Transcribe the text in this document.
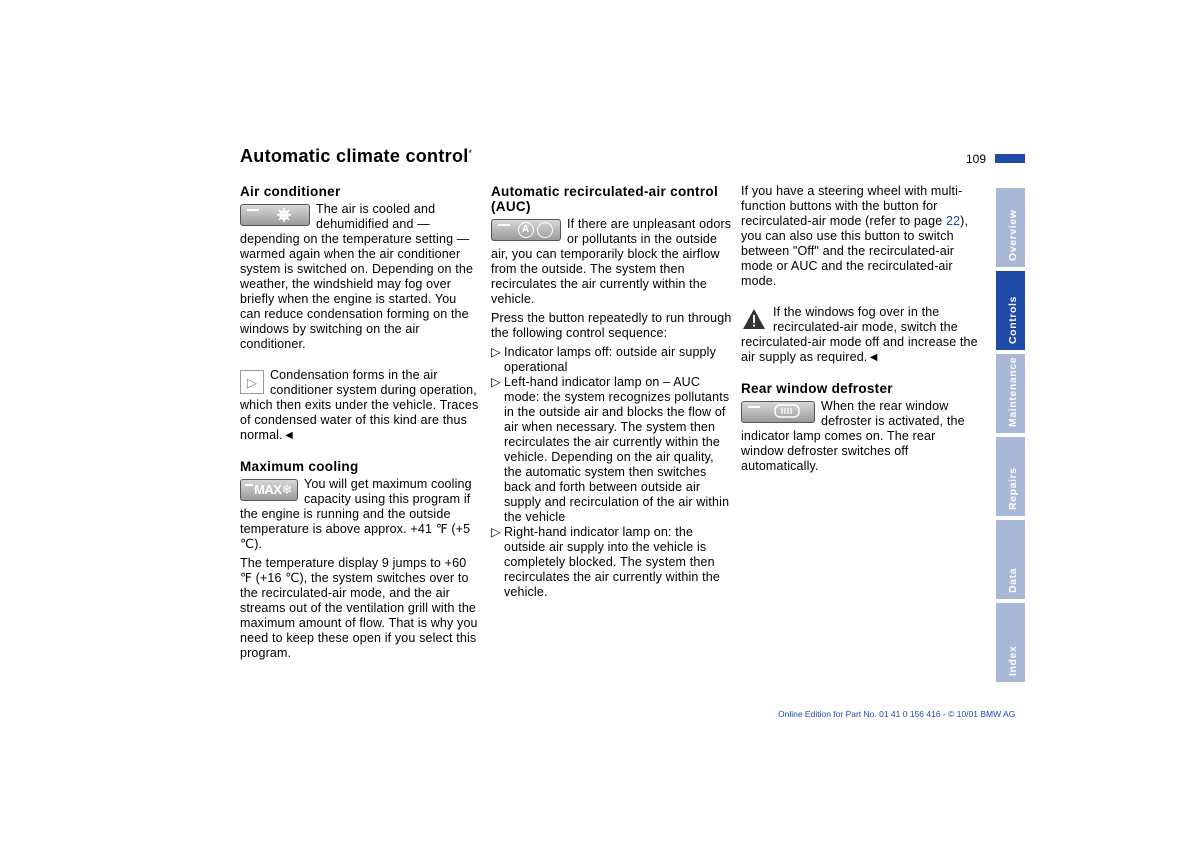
Automatic climate control*	109
Air conditioner

The air is cooled and dehumidified and — depending on the temperature setting — warmed again when the air conditioner system is switched on. Depending on the weather, the windshield may fog over briefly when the engine is started. You can reduce condensation forming on the windows by switching on the air conditioner.

▷	Condensation forms in the air conditioner system during operation, which then exits under the vehicle. Traces of condensed water of this kind are thus normal.◄

Maximum cooling
MAX❄ You will get maximum cooling capacity using this program if the engine is running and the outside temperature is above approx. +41 ℉ (+5 ℃).

The temperature display 9 jumps to +60 ℉ (+16 ℃), the system switches over to the recirculated-air mode, and the air streams out of the ventilation grill with the maximum amount of flow. That is why you need to keep these open if you select this program.

Automatic recirculated-air control (AUC)
A	If there are unpleasant odors or pollutants in the outside air, you can temporarily block the airflow from the outside. The system then recirculates the air currently within the vehicle.

Press the button repeatedly to run through the following control sequence:

▷ Indicator lamps off: outside air supply operational
▷ Left-hand indicator lamp on – AUC mode: the system recognizes pollutants in the outside air and blocks the flow of air when necessary. The system then recirculates the air currently within the vehicle. Depending on the air quality, the automatic system then switches back and forth between outside air supply and recirculation of the air within the vehicle
▷ Right-hand indicator lamp on: the outside air supply into the vehicle is completely blocked. The system then recirculates the air currently within the vehicle.

If you have a steering wheel with multi-function buttons with the button for recirculated-air mode (refer to page 22), you can also use this button to switch between "Off" and the recirculated-air mode or AUC and the recirculated-air mode.

If the windows fog over in the recirculated-air mode, switch the recirculated-air mode off and increase the air supply as required.◄

Rear window defroster

When the rear window defroster is activated, the indicator lamp comes on. The rear window defroster switches off automatically.

Overview
Controls
Maintenance
Repairs
Data
Index
Online Edition for Part No. 01 41 0 156 416 - © 10/01 BMW AG
